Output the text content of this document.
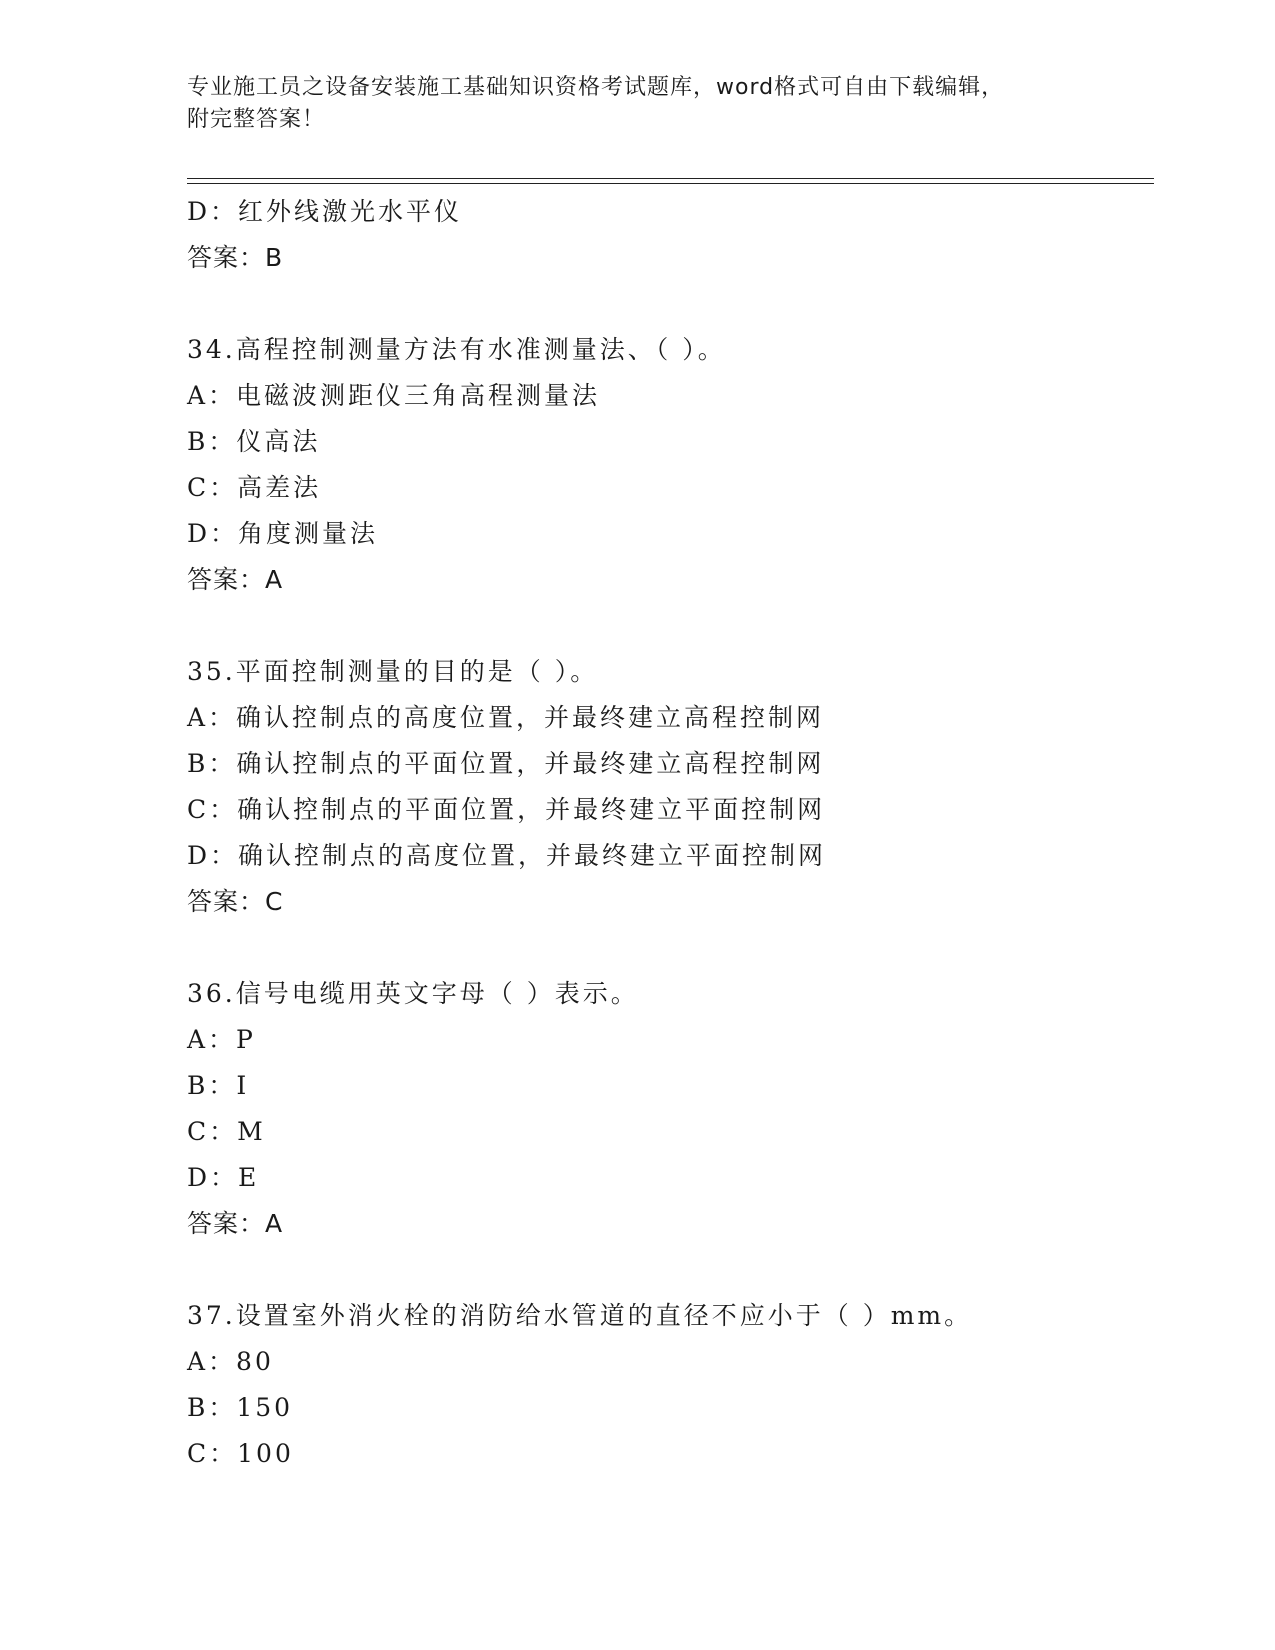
专业施工员之设备安装施工基础知识资格考试题库，word格式可自由下载编辑，
附完整答案！
D：红外线激光水平仪
答案：B
34.高程控制测量方法有水准测量法、（ ）。
A：电磁波测距仪三角高程测量法
B：仪高法
C：高差法
D：角度测量法
答案：A
35.平面控制测量的目的是（ ）。
A：确认控制点的高度位置，并最终建立高程控制网
B：确认控制点的平面位置，并最终建立高程控制网
C：确认控制点的平面位置，并最终建立平面控制网
D：确认控制点的高度位置，并最终建立平面控制网
答案：C
36.信号电缆用英文字母（ ）表示。
A：P
B：I
C：M
D：E
答案：A
37.设置室外消火栓的消防给水管道的直径不应小于（ ）mm。
A：80
B：150
C：100
